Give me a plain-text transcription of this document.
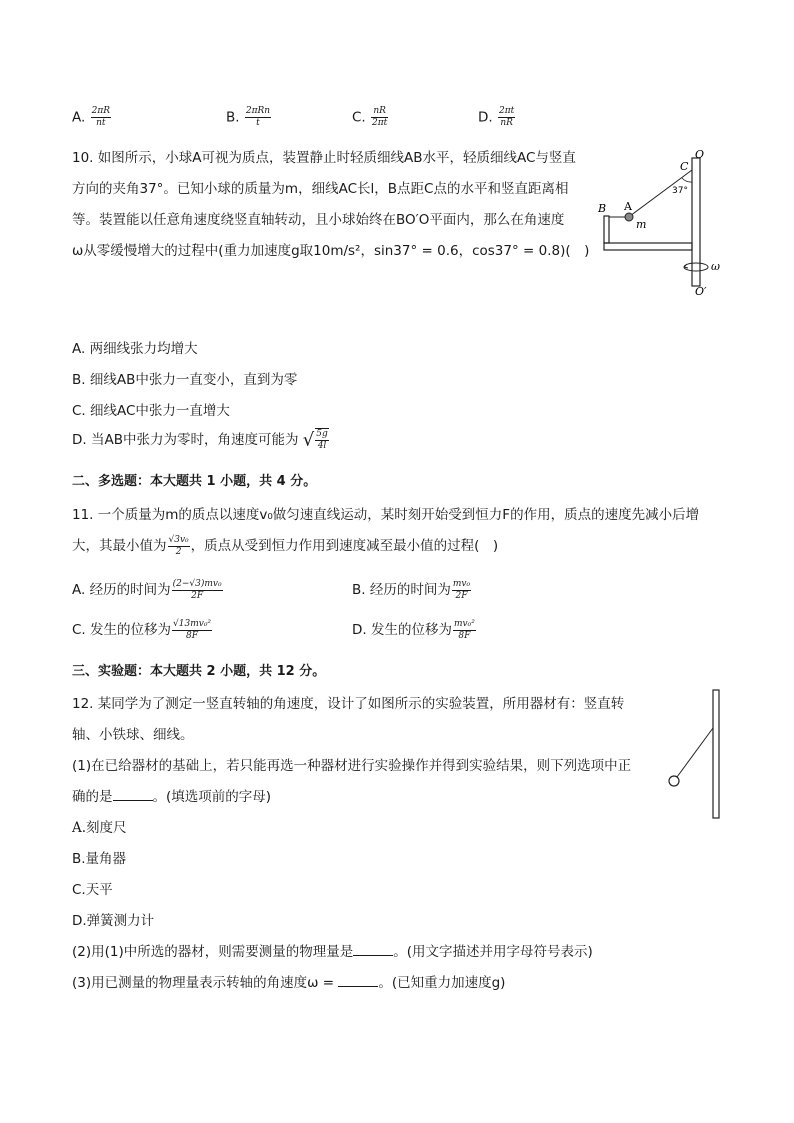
A. $\frac{2\pi R}{nt}$	B. $\frac{\text{2πRn}}{t}$	C. $\frac{nR}{2\pi t}$	D. $\frac{2\pi t}{nR}$
10. 如图所示，小球A可视为质点，装置静止时轻质细线AB水平，轻质细线AC与竖直
方向的夹角37°。已知小球的质量为m，细线AC长l，B点距C点的水平和竖直距离相
等。装置能以任意角速度绕竖直轴转动，且小球始终在BO′O平面内，那么在角速度
ω从零缓慢增大的过程中(重力加速度g取10m/s²，sin37° = 0.6，cos37° = 0.8)(　)
O
C
37°
B A
m
ω
O′
A. 两细线张力均增大
B. 细线AB中张力一直变小，直到为零
C. 细线AC中张力一直增大
D. 当AB中张力为零时，角速度可能为 √ $\frac{5g}{4l}$
二、多选题：本大题共 1 小题，共 4 分。
11. 一个质量为m的质点以速度v₀做匀速直线运动，某时刻开始受到恒力F的作用，质点的速度先减小后增
大，其最小值为 $\frac{\text{√3v₀}}{2}$ ，质点从受到恒力作用到速度减至最小值的过程(　)
A. 经历的时间为 $\frac{\text{(2−√3)mv₀}}{2F}$	B. 经历的时间为 $\frac{\text{mv₀}}{2F}$
C. 发生的位移为 $\frac{\text{√13mv₀²}}{8F}$	D. 发生的位移为 $\frac{\text{mv₀²}}{8F}$
三、实验题：本大题共 2 小题，共 12 分。
12. 某同学为了测定一竖直转轴的角速度，设计了如图所示的实验装置，所用器材有：竖直转
轴、小铁球、细线。
(1)在已给器材的基础上，若只能再选一种器材进行实验操作并得到实验结果，则下列选项中正
确的是	。(填选项前的字母)
A.刻度尺
B.量角器
C.天平
D.弹簧测力计
(2)用(1)中所选的器材，则需要测量的物理量是	。(用文字描述并用字母符号表示)
(3)用已测量的物理量表示转轴的角速度ω =	。(已知重力加速度g)
